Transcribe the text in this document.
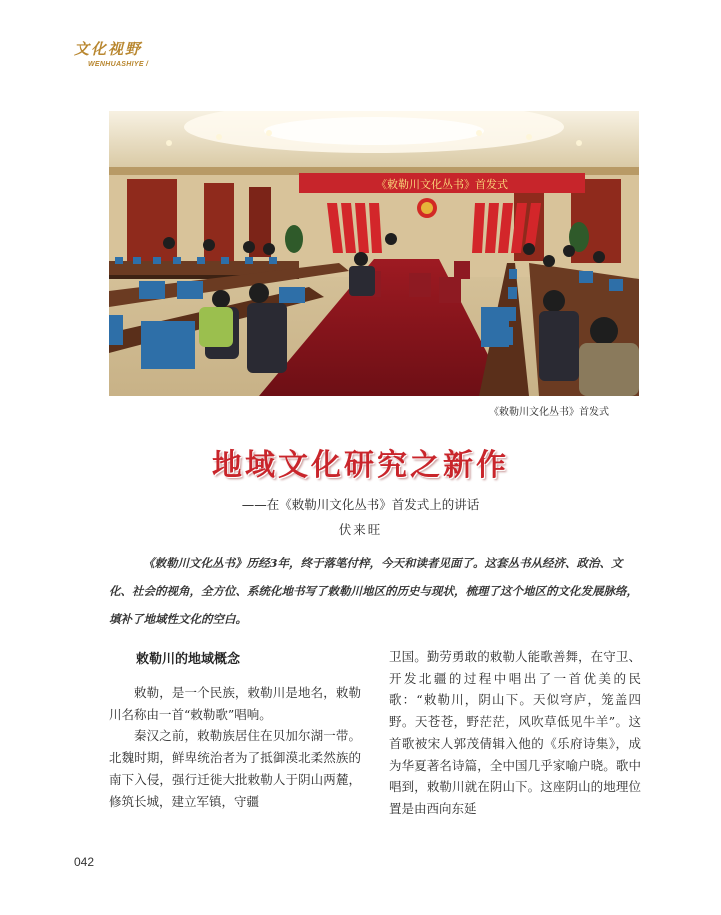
文化视野
WENHUASHIYE /
《敕勒川文化丛书》首发式
《敕勒川文化丛书》首发式
地域文化研究之新作
——在《敕勒川文化丛书》首发式上的讲话
伏来旺

《敕勒川文化丛书》历经3年，终于落笔付梓，今天和读者见面了。这套丛书从经济、政治、文化、社会的视角，全方位、系统化地书写了敕勒川地区的历史与现状，梳理了这个地区的文化发展脉络，填补了地域性文化的空白。

敕勒川的地域概念

敕勒，是一个民族，敕勒川是地名，敕勒川名称由一首“敕勒歌”唱响。

秦汉之前，敕勒族居住在贝加尔湖一带。北魏时期，鲜卑统治者为了抵御漠北柔然族的南下入侵，强行迁徙大批敕勒人于阴山两麓，修筑长城，建立军镇，守疆

卫国。勤劳勇敢的敕勒人能歌善舞，在守卫、开发北疆的过程中唱出了一首优美的民歌：“敕勒川，阴山下。天似穹庐，笼盖四野。天苍苍，野茫茫，风吹草低见牛羊”。这首歌被宋人郭茂倩辑入他的《乐府诗集》，成为华夏著名诗篇，全中国几乎家喻户晓。歌中唱到，敕勒川就在阴山下。这座阴山的地理位置是由西向东延

042
